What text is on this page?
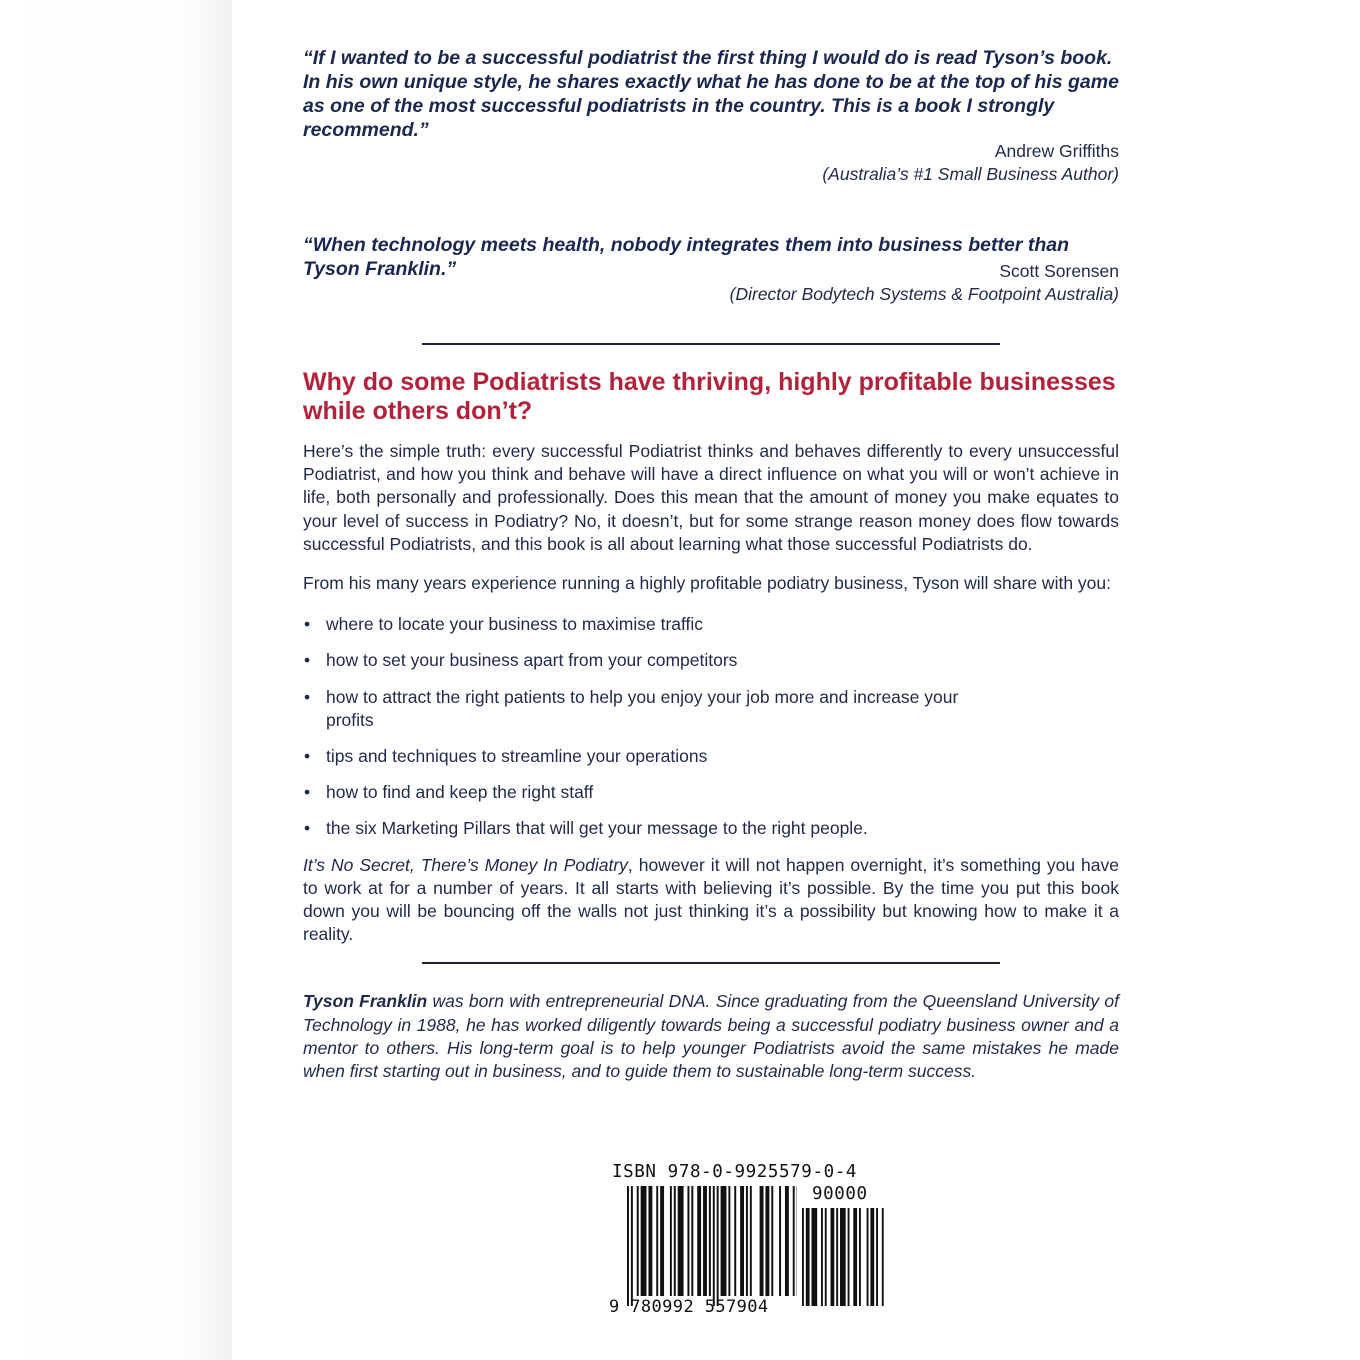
“If I wanted to be a successful podiatrist the first thing I would do is read Tyson’s book. In his own unique style, he shares exactly what he has done to be at the top of his game as one of the most successful podiatrists in the country. This is a book I strongly recommend.”

Andrew Griffiths
(Australia’s #1 Small Business Author)

“When technology meets health, nobody integrates them into business better than Tyson Franklin.”	Scott Sorensen
(Director Bodytech Systems & Footpoint Australia)
Why do some Podiatrists have thriving, highly profitable businesses while others don’t?

Here’s the simple truth: every successful Podiatrist thinks and behaves differently to every unsuccessful Podiatrist, and how you think and behave will have a direct influence on what you will or won’t achieve in life, both personally and professionally. Does this mean that the amount of money you make equates to your level of success in Podiatry? No, it doesn’t, but for some strange reason money does flow towards successful Podiatrists, and this book is all about learning what those successful Podiatrists do.

From his many years experience running a highly profitable podiatry business, Tyson will share with you:

• where to locate your business to maximise traffic
• how to set your business apart from your competitors
• how to attract the right patients to help you enjoy your job more and increase your profits
• tips and techniques to streamline your operations
• how to find and keep the right staff
• the six Marketing Pillars that will get your message to the right people.

It’s No Secret, There’s Money In Podiatry, however it will not happen overnight, it’s something you have to work at for a number of years. It all starts with believing it’s possible. By the time you put this book down you will be bouncing off the walls not just thinking it’s a possibility but knowing how to make it a reality.

Tyson Franklin was born with entrepreneurial DNA. Since graduating from the Queensland University of Technology in 1988, he has worked diligently towards being a successful podiatry business owner and a mentor to others. His long-term goal is to help younger Podiatrists avoid the same mistakes he made when first starting out in business, and to guide them to sustainable long-term success.

ISBN 978-0-9925579-0-4
90000
9 780992 557904
